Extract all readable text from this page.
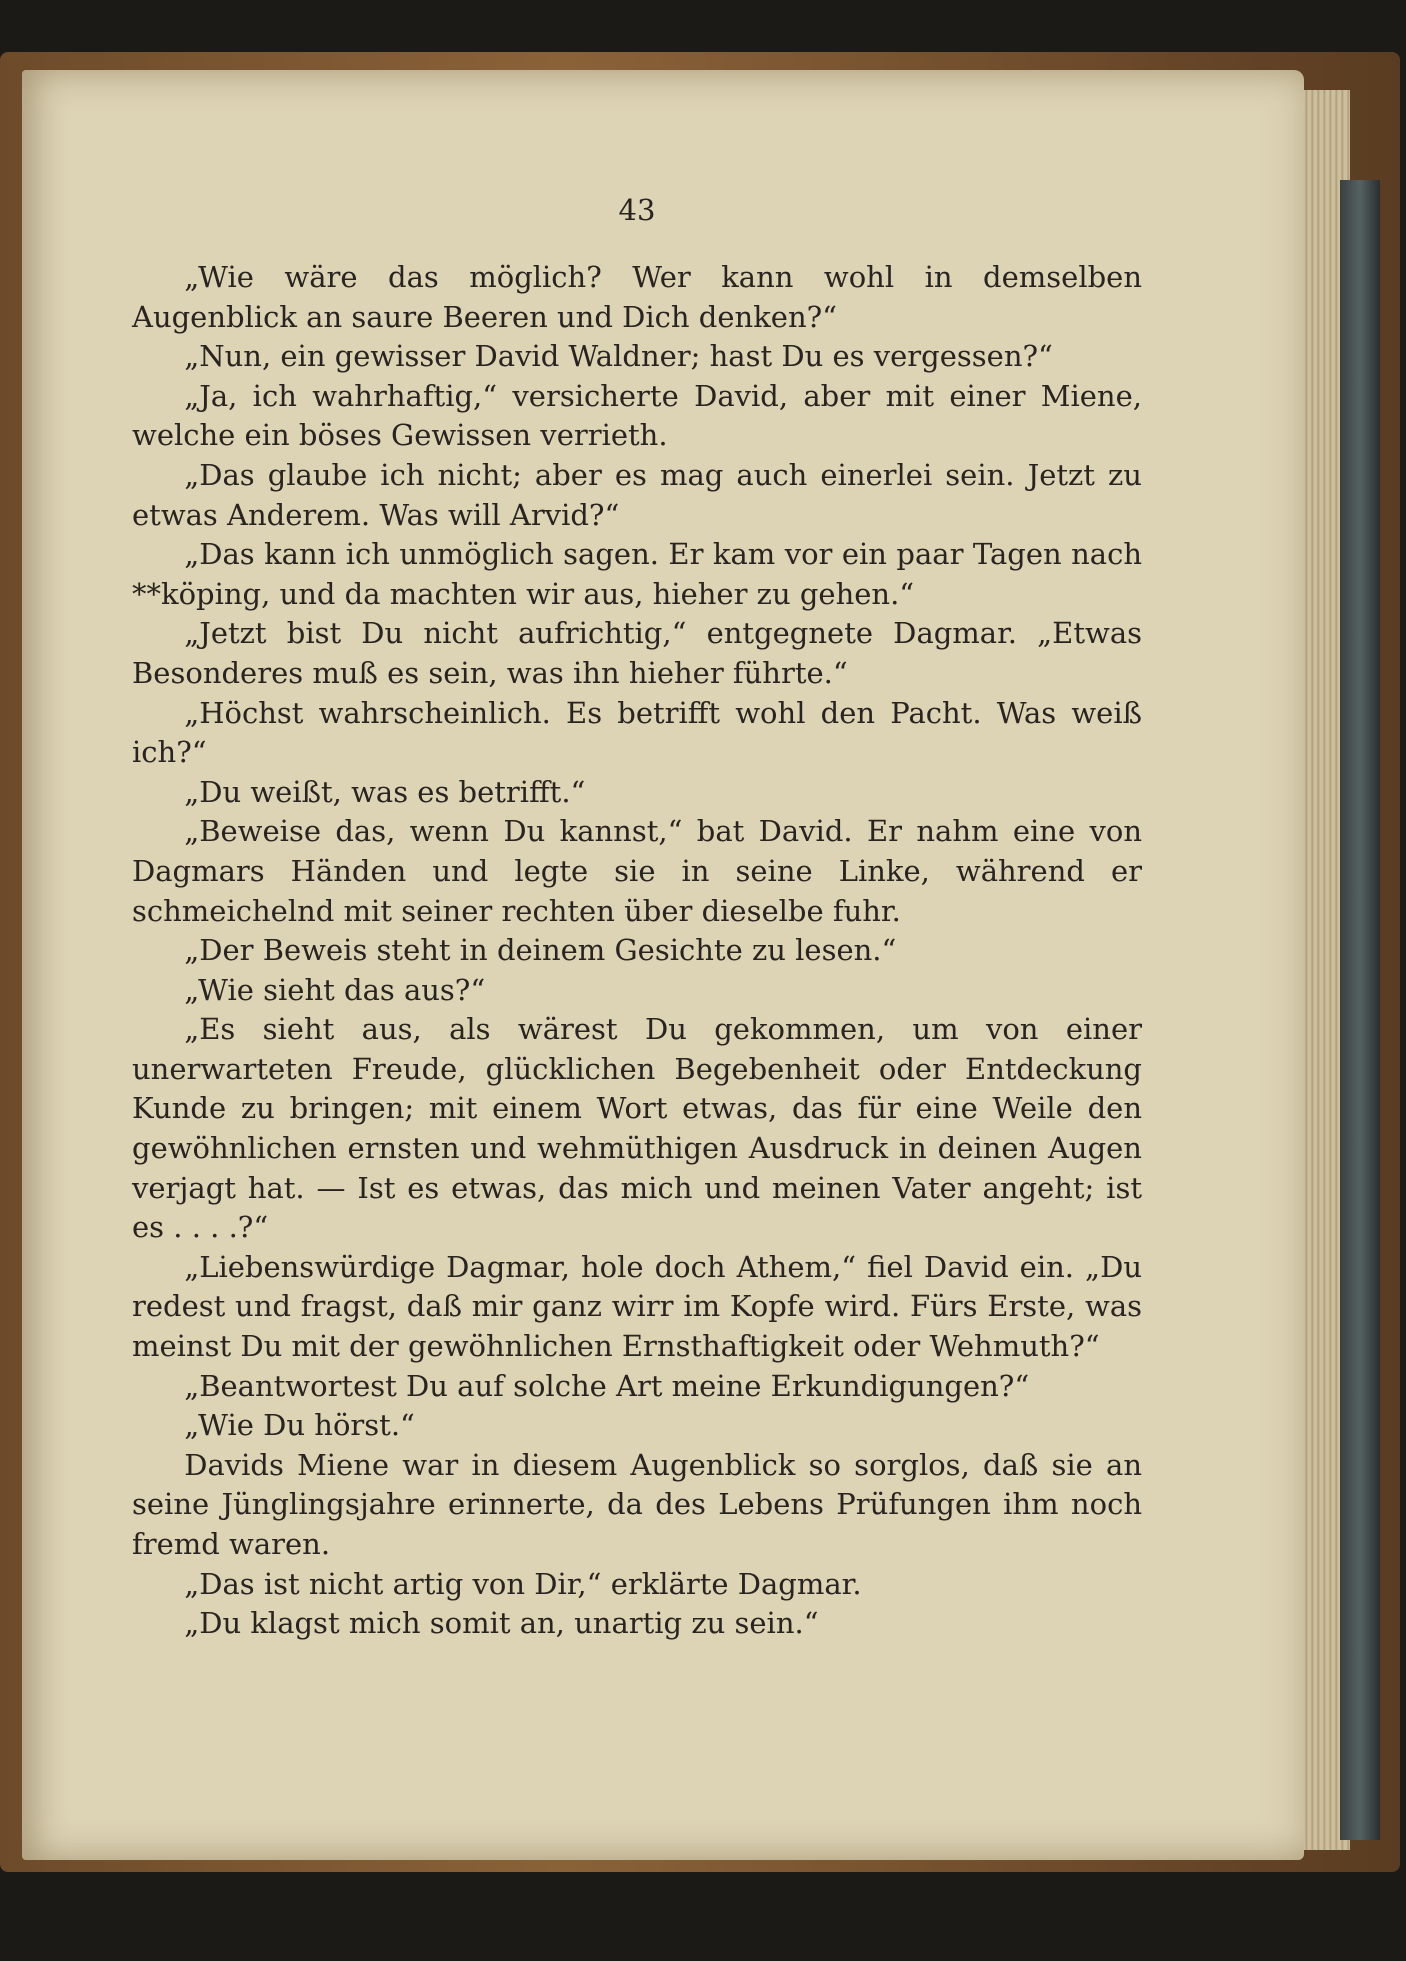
43

„Wie wäre das möglich? Wer kann wohl in demselben Augenblick an saure Beeren und Dich denken?“

„Nun, ein gewisser David Waldner; hast Du es vergessen?“

„Ja, ich wahrhaftig,“ versicherte David, aber mit einer Miene, welche ein böses Gewissen verrieth.

„Das glaube ich nicht; aber es mag auch einerlei sein. Jetzt zu etwas Anderem. Was will Arvid?“

„Das kann ich unmöglich sagen. Er kam vor ein paar Tagen nach **köping, und da machten wir aus, hieher zu gehen.“

„Jetzt bist Du nicht aufrichtig,“ entgegnete Dagmar. „Etwas Besonderes muß es sein, was ihn hieher führte.“

„Höchst wahrscheinlich. Es betrifft wohl den Pacht. Was weiß ich?“

„Du weißt, was es betrifft.“

„Beweise das, wenn Du kannst,“ bat David. Er nahm eine von Dagmars Händen und legte sie in seine Linke, während er schmeichelnd mit seiner rechten über dieselbe fuhr.

„Der Beweis steht in deinem Gesichte zu lesen.“

„Wie sieht das aus?“

„Es sieht aus, als wärest Du gekommen, um von einer unerwarteten Freude, glücklichen Begebenheit oder Entdeckung Kunde zu bringen; mit einem Wort etwas, das für eine Weile den gewöhnlichen ernsten und wehmüthigen Ausdruck in deinen Augen verjagt hat. — Ist es etwas, das mich und meinen Vater angeht; ist es . . . .?“

„Liebenswürdige Dagmar, hole doch Athem,“ fiel David ein. „Du redest und fragst, daß mir ganz wirr im Kopfe wird. Fürs Erste, was meinst Du mit der gewöhnlichen Ernsthaftigkeit oder Wehmuth?“

„Beantwortest Du auf solche Art meine Erkundigungen?“

„Wie Du hörst.“

Davids Miene war in diesem Augenblick so sorglos, daß sie an seine Jünglingsjahre erinnerte, da des Lebens Prüfungen ihm noch fremd waren.

„Das ist nicht artig von Dir,“ erklärte Dagmar.

„Du klagst mich somit an, unartig zu sein.“
